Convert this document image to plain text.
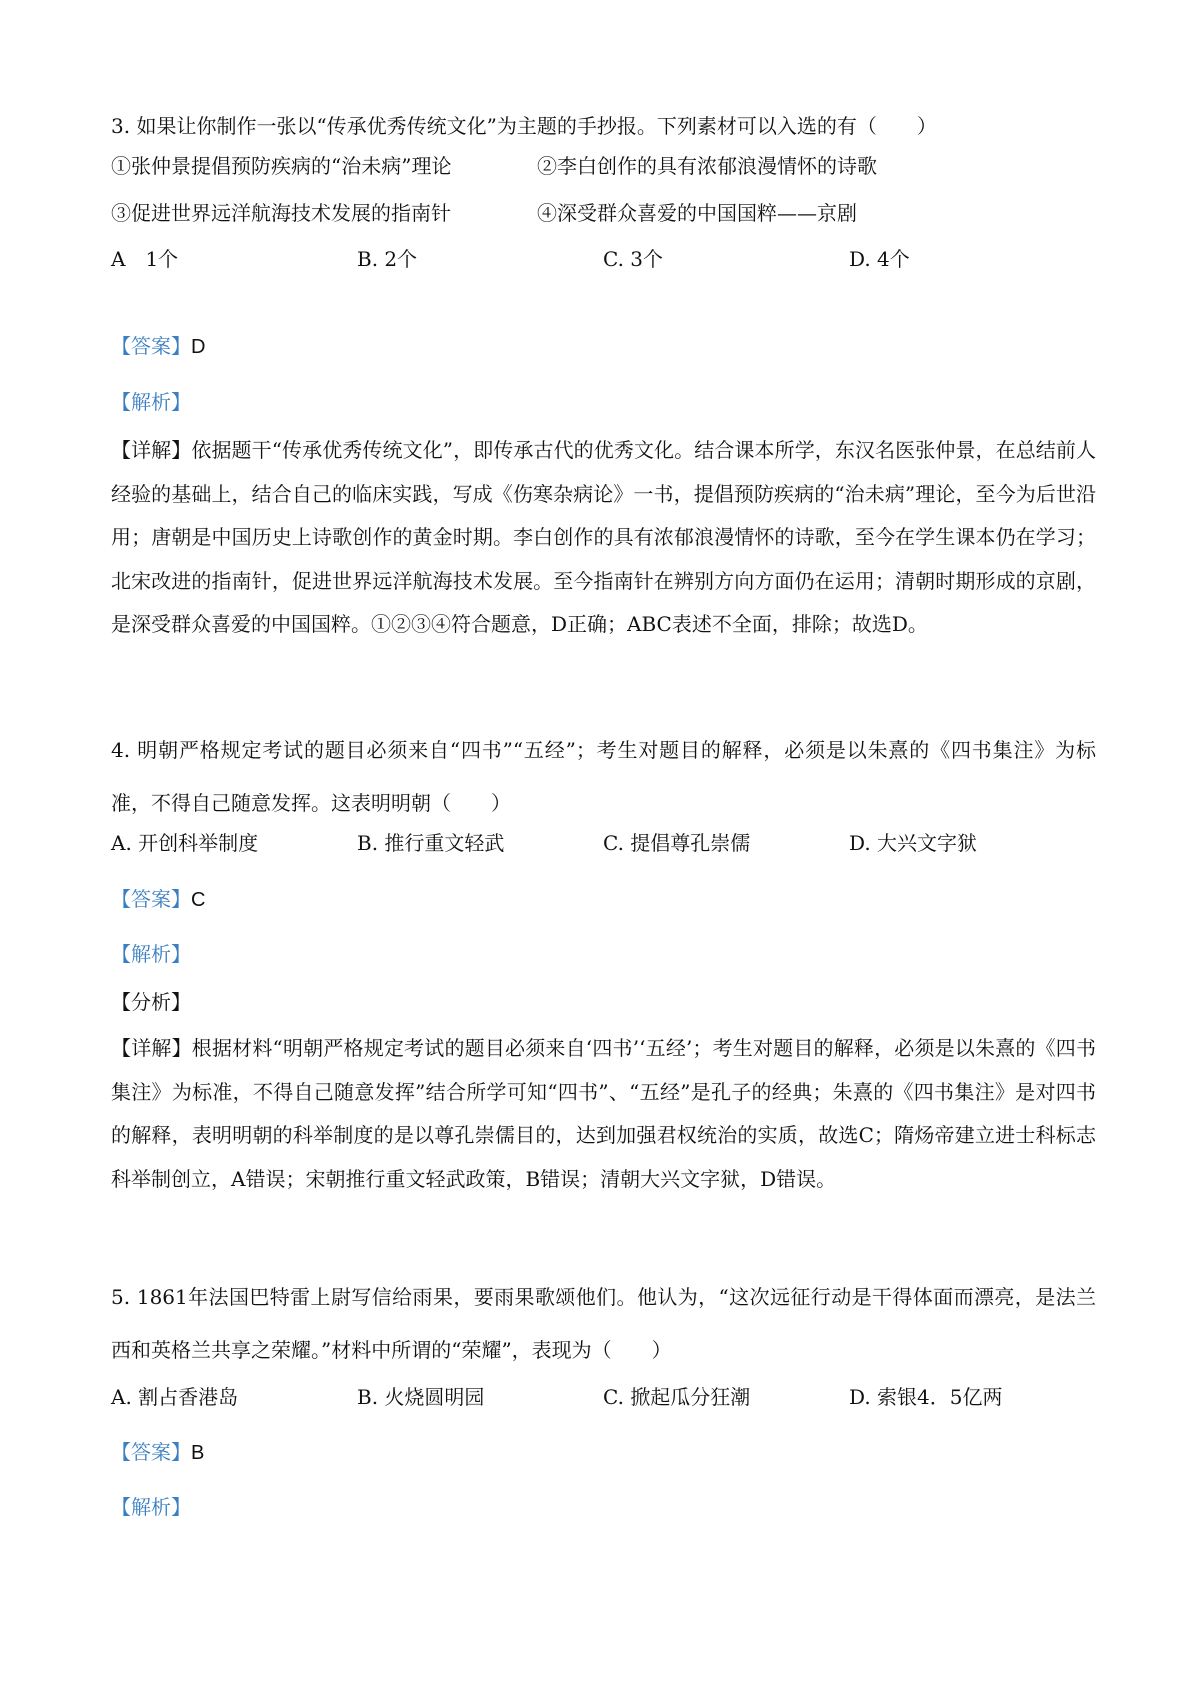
3. 如果让你制作一张以“传承优秀传统文化”为主题的手抄报。下列素材可以入选的有（　　）
①张仲景提倡预防疾病的“治未病”理论	②李白创作的具有浓郁浪漫情怀的诗歌
③促进世界远洋航海技术发展的指南针	④深受群众喜爱的中国国粹——京剧
A　1个	B. 2个	C. 3个	D. 4个
【答案】D
【解析】
【详解】依据题干“传承优秀传统文化”，即传承古代的优秀文化。结合课本所学，东汉名医张仲景，在总结前人经验的基础上，结合自己的临床实践，写成《伤寒杂病论》一书，提倡预防疾病的“治未病”理论，至今为后世沿用；唐朝是中国历史上诗歌创作的黄金时期。李白创作的具有浓郁浪漫情怀的诗歌，至今在学生课本仍在学习；北宋改进的指南针，促进世界远洋航海技术发展。至今指南针在辨别方向方面仍在运用；清朝时期形成的京剧，是深受群众喜爱的中国国粹。①②③④符合题意，D正确；ABC表述不全面，排除；故选D。
4. 明朝严格规定考试的题目必须来自“四书”“五经”；考生对题目的解释，必须是以朱熹的《四书集注》为标准，不得自己随意发挥。这表明明朝（　　）
A. 开创科举制度	B. 推行重文轻武	C. 提倡尊孔崇儒	D. 大兴文字狱
【答案】C
【解析】
【分析】
【详解】根据材料“明朝严格规定考试的题目必须来自‘四书’‘五经’；考生对题目的解释，必须是以朱熹的《四书集注》为标准，不得自己随意发挥”结合所学可知“四书”、“五经”是孔子的经典；朱熹的《四书集注》是对四书的解释，表明明朝的科举制度的是以尊孔崇儒目的，达到加强君权统治的实质，故选C；隋炀帝建立进士科标志科举制创立，A错误；宋朝推行重文轻武政策，B错误；清朝大兴文字狱，D错误。
5. 1861年法国巴特雷上尉写信给雨果，要雨果歌颂他们。他认为，“这次远征行动是干得体面而漂亮，是法兰西和英格兰共享之荣耀。”材料中所谓的“荣耀”，表现为（　　）
A. 割占香港岛	B. 火烧圆明园	C. 掀起瓜分狂潮	D. 索银4．5亿两
【答案】B
【解析】
